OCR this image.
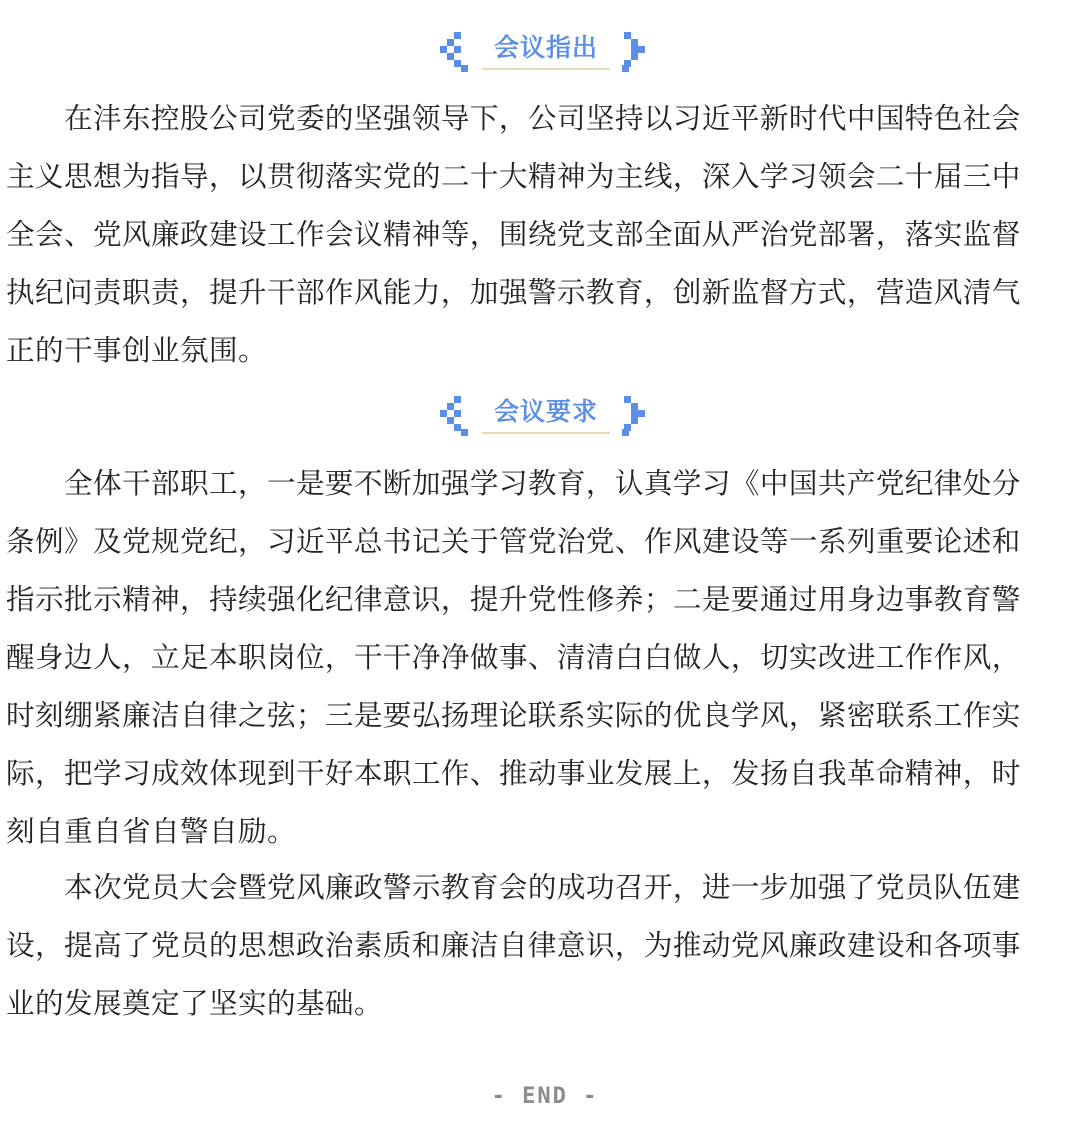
会议指出
　　在沣东控股公司党委的坚强领导下，公司坚持以习近平新时代中国特色社会
主义思想为指导，以贯彻落实党的二十大精神为主线，深入学习领会二十届三中
全会、党风廉政建设工作会议精神等，围绕党支部全面从严治党部署，落实监督
执纪问责职责，提升干部作风能力，加强警示教育，创新监督方式，营造风清气
正的干事创业氛围。
会议要求
　　全体干部职工，一是要不断加强学习教育，认真学习《中国共产党纪律处分
条例》及党规党纪，习近平总书记关于管党治党、作风建设等一系列重要论述和
指示批示精神，持续强化纪律意识，提升党性修养；二是要通过用身边事教育警
醒身边人，立足本职岗位，干干净净做事、清清白白做人，切实改进工作作风，
时刻绷紧廉洁自律之弦；三是要弘扬理论联系实际的优良学风，紧密联系工作实
际，把学习成效体现到干好本职工作、推动事业发展上，发扬自我革命精神，时
刻自重自省自警自励。
　　本次党员大会暨党风廉政警示教育会的成功召开，进一步加强了党员队伍建
设，提高了党员的思想政治素质和廉洁自律意识，为推动党风廉政建设和各项事
业的发展奠定了坚实的基础。
- END -
